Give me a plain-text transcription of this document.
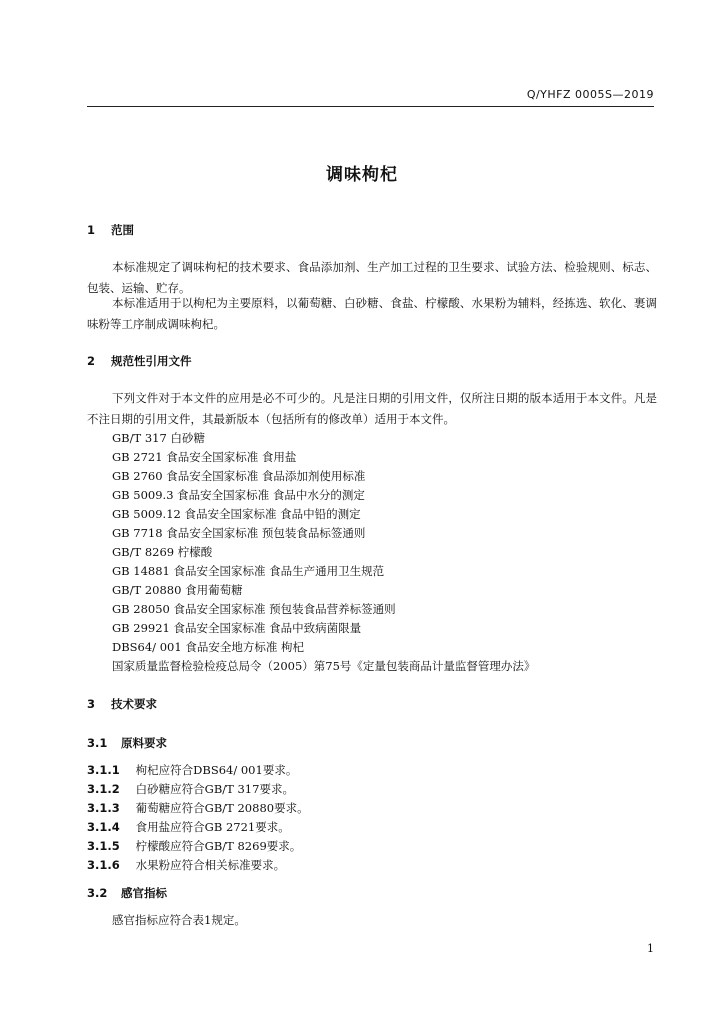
Q/YHFZ 0005S—2019
调味枸杞
1 范围
本标准规定了调味枸杞的技术要求、食品添加剂、生产加工过程的卫生要求、试验方法、检验规则、标志、包装、运输、贮存。
本标准适用于以枸杞为主要原料，以葡萄糖、白砂糖、食盐、柠檬酸、水果粉为辅料，经拣选、软化、裹调味粉等工序制成调味枸杞。
2 规范性引用文件
下列文件对于本文件的应用是必不可少的。凡是注日期的引用文件，仅所注日期的版本适用于本文件。凡是不注日期的引用文件，其最新版本（包括所有的修改单）适用于本文件。
GB/T 317 白砂糖
GB 2721 食品安全国家标准 食用盐
GB 2760 食品安全国家标准 食品添加剂使用标准
GB 5009.3 食品安全国家标准 食品中水分的测定
GB 5009.12 食品安全国家标准 食品中铅的测定
GB 7718 食品安全国家标准 预包装食品标签通则
GB/T 8269 柠檬酸
GB 14881 食品安全国家标准 食品生产通用卫生规范
GB/T 20880 食用葡萄糖
GB 28050 食品安全国家标准 预包装食品营养标签通则
GB 29921 食品安全国家标准 食品中致病菌限量
DBS64/ 001 食品安全地方标准 枸杞
国家质量监督检验检疫总局令（2005）第75号《定量包装商品计量监督管理办法》
3 技术要求
3.1 原料要求
3.1.1 枸杞应符合DBS64/ 001要求。
3.1.2 白砂糖应符合GB/T 317要求。
3.1.3 葡萄糖应符合GB/T 20880要求。
3.1.4 食用盐应符合GB 2721要求。
3.1.5 柠檬酸应符合GB/T 8269要求。
3.1.6 水果粉应符合相关标准要求。
3.2 感官指标
感官指标应符合表1规定。
1
